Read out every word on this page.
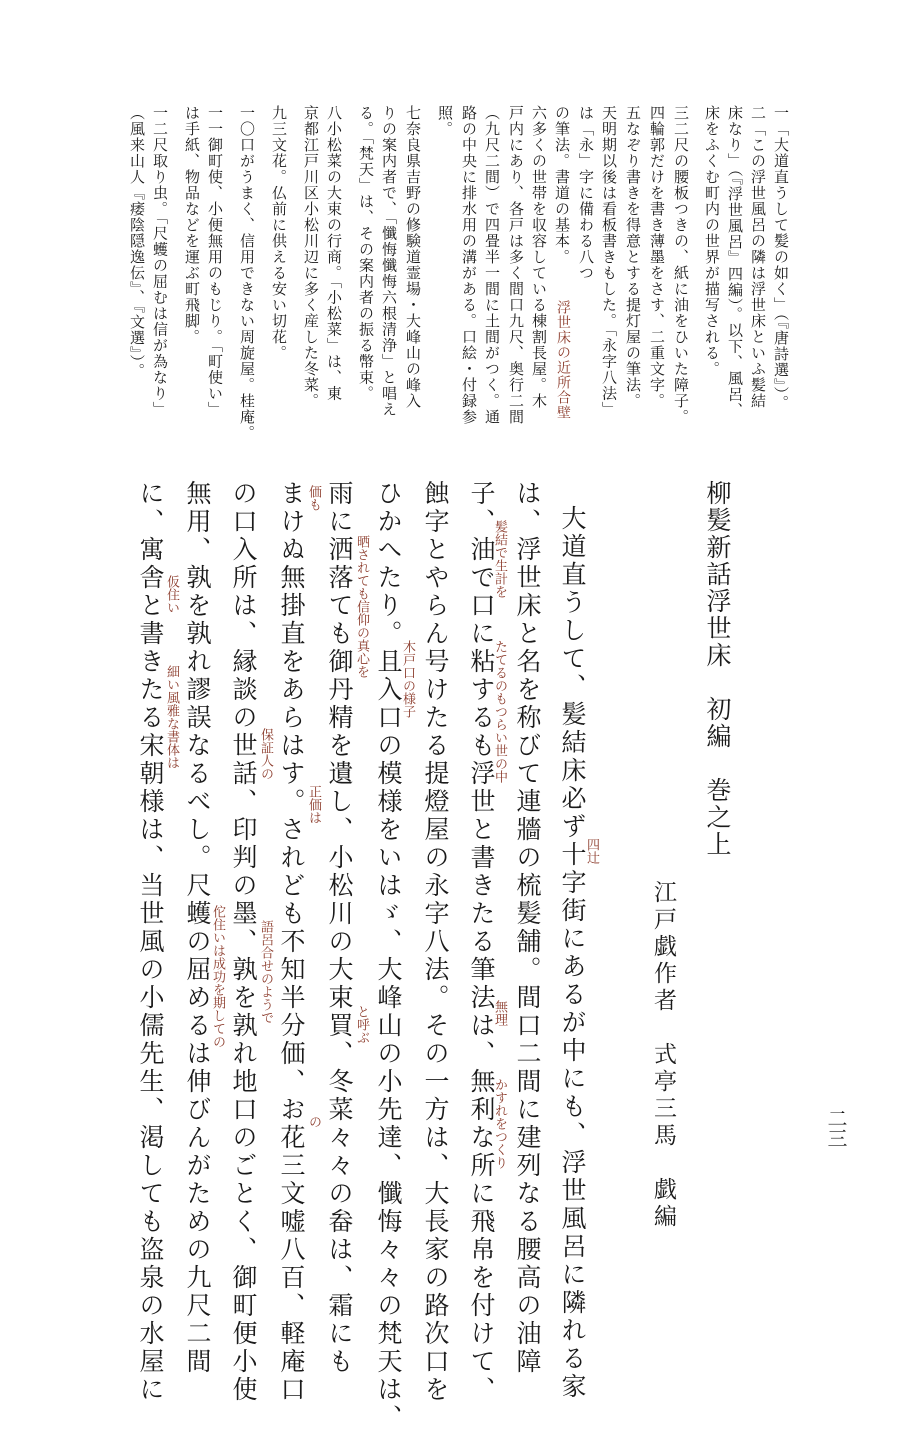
二三
一「大道直うして髪の如く」（『唐詩選』）。
二「この浮世風呂の隣は浮世床といふ髪結
床なり」（『浮世風呂』四編）。以下、風呂、
床をふくむ町内の世界が描写される。
三二尺の腰板つきの、紙に油をひいた障子。
四輪郭だけを書き薄墨をさす、二重文字。
五なぞり書きを得意とする提灯屋の筆法。
天明期以後は看板書きもした。「永字八法」
は「永」字に備わる八つ
の筆法。書道の基本。
浮世床の近所合壁
六多くの世帯を収容している棟割長屋。木
戸内にあり、各戸は多く間口九尺、奥行二間
（九尺二間）で四畳半一間に土間がつく。通
路の中央に排水用の溝がある。口絵・付録参
照。
七奈良県吉野の修験道霊場・大峰山の峰入
りの案内者で、「懺悔懺悔六根清浄」と唱え
る。「梵天」は、その案内者の振る幣束。
八小松菜の大束の行商。「小松菜」は、東
京都江戸川区小松川辺に多く産した冬菜。
九三文花。仏前に供える安い切花。
一〇口がうまく、信用できない周旋屋。桂庵。
一一御町使、小便無用のもじり。「町使い」
は手紙、物品などを運ぶ町飛脚。
一二尺取り虫。「尺蠖の屈むは信が為なり」
（風来山人『痿陰隠逸伝』、『文選』）。
柳髪新話浮世床　初編　巻之上
江戸戯作者　式亭三馬　戯編
大道直うして、髪結床必ず十字街にあるが中にも、浮世風呂に隣れる家
は、浮世床と名を称びて連牆の梳髪舗。間口二間に建列なる腰高の油障
子、油で口に粘するも浮世と書きたる筆法は、無利な所に飛帛を付けて、
蝕字とやらん号けたる提燈屋の永字八法。その一方は、大長家の路次口を
ひかへたり。且入口の模様をいはゞ、大峰山の小先達、懺悔々々の梵天は、
雨に洒落ても御丹精を遺し、小松川の大束買、冬菜々々の畚は、霜にも
まけぬ無掛直をあらはす。されども不知半分価、お花三文嘘八百、軽庵口
の口入所は、縁談の世話、印判の墨、孰を孰れ地口のごとく、御町便小使
無用、孰を孰れ謬誤なるべし。尺蠖の屈めるは伸びんがための九尺二間
に、寓舎と書きたる宋朝様は、当世風の小儒先生、渇しても盗泉の水屋に	四辻
無理
かすれをつくり
髪結で生計を
たてるのもつらい世の中
木戸口の様子
晒されても信仰の真心を
と呼ぶ
正価は
価も
の
保証人の
語呂合せのようで
佗住いは成功を期しての
細い風雅な書体は
仮住い
